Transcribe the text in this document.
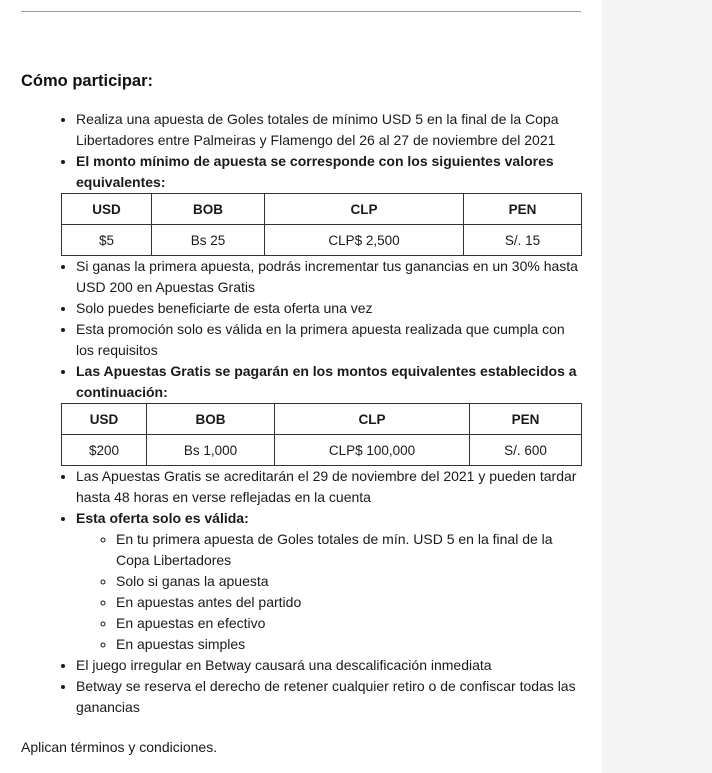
Cómo participar:
• Realiza una apuesta de Goles totales de mínimo USD 5 en la final de la Copa Libertadores entre Palmeiras y Flamengo del 26 al 27 de noviembre del 2021
• El monto mínimo de apuesta se corresponde con los siguientes valores equivalentes:
USD	BOB	CLP	PEN
$5	Bs 25	CLP$ 2,500	S/. 15
• Si ganas la primera apuesta, podrás incrementar tus ganancias en un 30% hasta USD 200 en Apuestas Gratis
• Solo puedes beneficiarte de esta oferta una vez
• Esta promoción solo es válida en la primera apuesta realizada que cumpla con los requisitos
• Las Apuestas Gratis se pagarán en los montos equivalentes establecidos a continuación:
USD	BOB	CLP	PEN
$200	Bs 1,000	CLP$ 100,000	S/. 600
• Las Apuestas Gratis se acreditarán el 29 de noviembre del 2021 y pueden tardar hasta 48 horas en verse reflejadas en la cuenta
• Esta oferta solo es válida:
◦ En tu primera apuesta de Goles totales de mín. USD 5 en la final de la Copa Libertadores
◦ Solo si ganas la apuesta
◦ En apuestas antes del partido
◦ En apuestas en efectivo
◦ En apuestas simples
• El juego irregular en Betway causará una descalificación inmediata
• Betway se reserva el derecho de retener cualquier retiro o de confiscar todas las ganancias

Aplican términos y condiciones.
